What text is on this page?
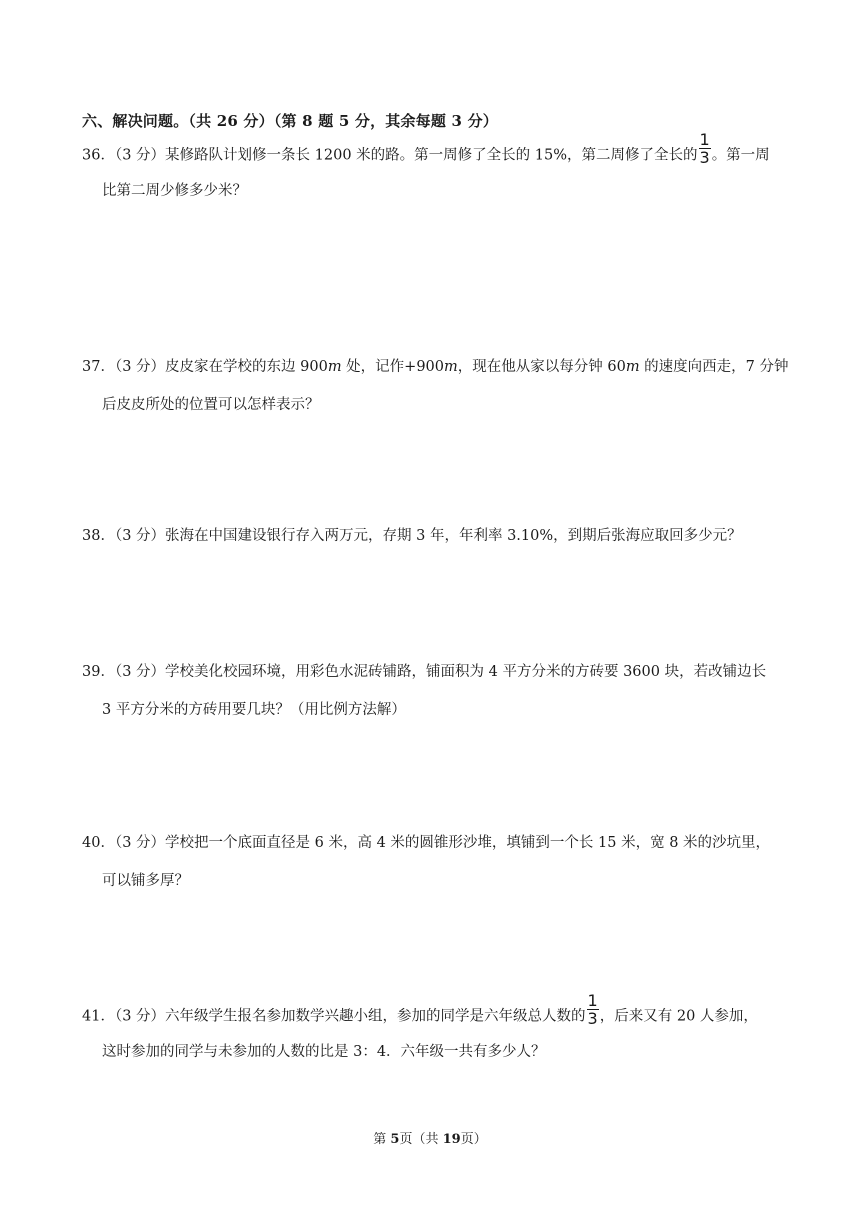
六、解决问题。（共 26 分）（第 8 题 5 分，其余每题 3 分）
36．（3 分）某修路队计划修一条长 1200 米的路。第一周修了全长的 15%，第二周修了全长的 $\frac{1}{3}$ 。第一周
比第二周少修多少米？
37．（3 分）皮皮家在学校的东边 900m 处，记作+900m，现在他从家以每分钟 60m 的速度向西走，7 分钟
后皮皮所处的位置可以怎样表示？
38．（3 分）张海在中国建设银行存入两万元，存期 3 年，年利率 3.10%，到期后张海应取回多少元？
39．（3 分）学校美化校园环境，用彩色水泥砖铺路，铺面积为 4 平方分米的方砖要 3600 块，若改铺边长
3 平方分米的方砖用要几块？（用比例方法解）
40．（3 分）学校把一个底面直径是 6 米，高 4 米的圆锥形沙堆，填铺到一个长 15 米，宽 8 米的沙坑里，
可以铺多厚？
41．（3 分）六年级学生报名参加数学兴趣小组，参加的同学是六年级总人数的 $\frac{1}{3}$ ，后来又有 20 人参加，
这时参加的同学与未参加的人数的比是 3：4．六年级一共有多少人？
第 5页（共 19页）
